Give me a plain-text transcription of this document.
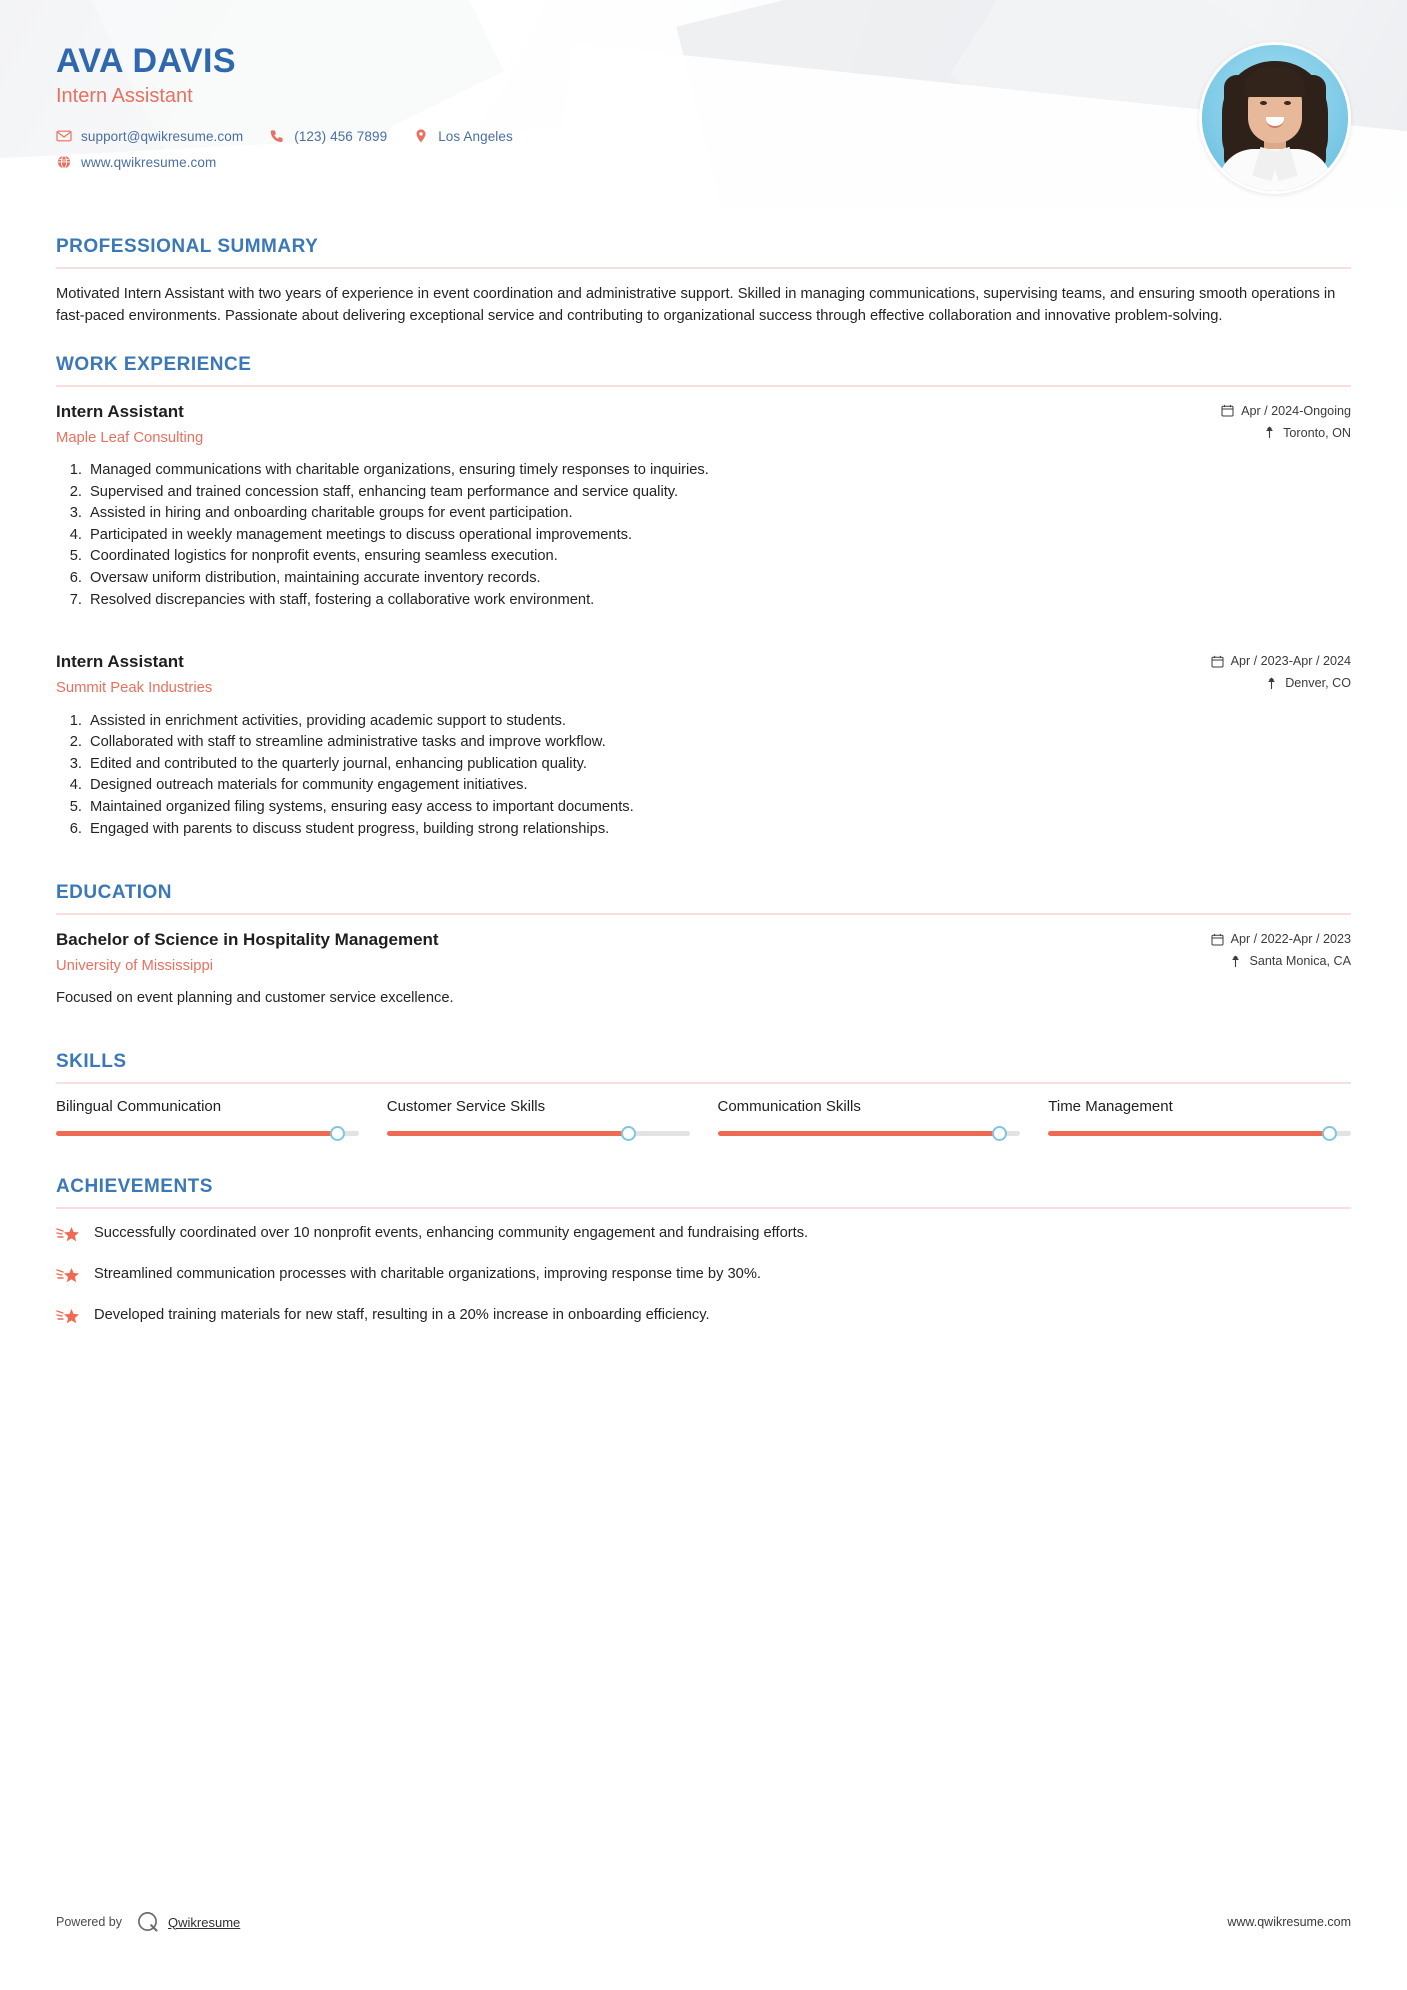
AVA DAVIS
Intern Assistant
support@qwikresume.com	(123) 456 7899	Los Angeles
www.qwikresume.com
PROFESSIONAL SUMMARY

Motivated Intern Assistant with two years of experience in event coordination and administrative support. Skilled in managing communications, supervising teams, and ensuring smooth operations in fast-paced environments. Passionate about delivering exceptional service and contributing to organizational success through effective collaboration and innovative problem-solving.

WORK EXPERIENCE
Intern Assistant
Maple Leaf Consulting
Apr / 2024-Ongoing
Toronto, ON
1. Managed communications with charitable organizations, ensuring timely responses to inquiries.
2. Supervised and trained concession staff, enhancing team performance and service quality.
3. Assisted in hiring and onboarding charitable groups for event participation.
4. Participated in weekly management meetings to discuss operational improvements.
5. Coordinated logistics for nonprofit events, ensuring seamless execution.
6. Oversaw uniform distribution, maintaining accurate inventory records.
7. Resolved discrepancies with staff, fostering a collaborative work environment.
Intern Assistant
Summit Peak Industries
Apr / 2023-Apr / 2024
Denver, CO
1. Assisted in enrichment activities, providing academic support to students.
2. Collaborated with staff to streamline administrative tasks and improve workflow.
3. Edited and contributed to the quarterly journal, enhancing publication quality.
4. Designed outreach materials for community engagement initiatives.
5. Maintained organized filing systems, ensuring easy access to important documents.
6. Engaged with parents to discuss student progress, building strong relationships.
EDUCATION
Bachelor of Science in Hospitality Management
University of Mississippi
Apr / 2022-Apr / 2023
Santa Monica, CA

Focused on event planning and customer service excellence.

SKILLS
Bilingual Communication	Customer Service Skills	Communication Skills	Time Management
ACHIEVEMENTS
Successfully coordinated over 10 nonprofit events, enhancing community engagement and fundraising efforts.
Streamlined communication processes with charitable organizations, improving response time by 30%.
Developed training materials for new staff, resulting in a 20% increase in onboarding efficiency.
Powered by	Qwikresume	www.qwikresume.com
